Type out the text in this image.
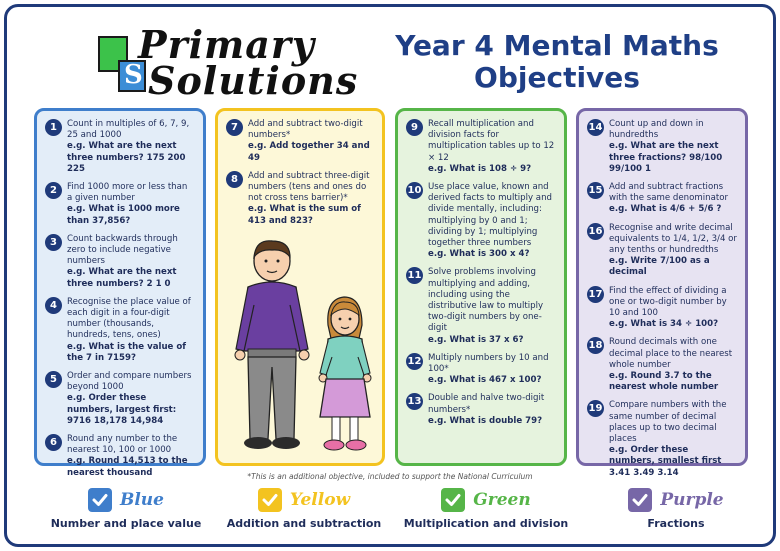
S
Primary
Solutions
Year 4 Mental Maths Objectives
1	Count in multiples of 6, 7, 9, 25 and 1000
e.g. What are the next three numbers? 175 200 225
2	Find 1000 more or less than a given number
e.g. What is 1000 more than 37,856?
3	Count backwards through zero to include negative numbers
e.g. What are the next three numbers? 2 1 0
4	Recognise the place value of each digit in a four-digit number (thousands, hundreds, tens, ones)
e.g. What is the value of the 7 in 7159?
5	Order and compare numbers beyond 1000
e.g. Order these numbers, largest first: 9716 18,178 14,984
6	Round any number to the nearest 10, 100 or 1000
e.g. Round 14,513 to the nearest thousand
7	Add and subtract two-digit numbers*
e.g. Add together 34 and 49
8	Add and subtract three-digit numbers (tens and ones do not cross tens barrier)*
e.g. What is the sum of 413 and 823?
9	Recall multiplication and division facts for multiplication tables up to 12 × 12
e.g. What is 108 ÷ 9?
10 Use place value, known and derived facts to multiply and divide mentally, including: multiplying by 0 and 1; dividing by 1; multiplying together three numbers
e.g. What is 300 x 4?
11 Solve problems involving multiplying and adding, including using the distributive law to multiply two-digit numbers by one-digit
e.g. What is 37 x 6?
12 Multiply numbers by 10 and 100*
e.g. What is 467 x 100?
13 Double and halve two-digit numbers*
e.g. What is double 79?
14 Count up and down in hundredths
e.g. What are the next three fractions? 98/100 99/100 1
15 Add and subtract fractions with the same denominator
e.g. What is 4/6 + 5/6 ?
16 Recognise and write decimal equivalents to 1/4, 1/2, 3/4 or any tenths or hundredths
e.g. Write 7/100 as a decimal
17 Find the effect of dividing a one or two-digit number by 10 and 100
e.g. What is 34 ÷ 100?
18 Round decimals with one decimal place to the nearest whole number
e.g. Round 3.7 to the nearest whole number
19 Compare numbers with the same number of decimal places up to two decimal places
e.g. Order these numbers, smallest first 3.41 3.49 3.14
*This is an additional objective, included to support the National Curriculum
Blue
Number and place value
Yellow
Addition and subtraction
Green
Multiplication and division
Purple
Fractions
